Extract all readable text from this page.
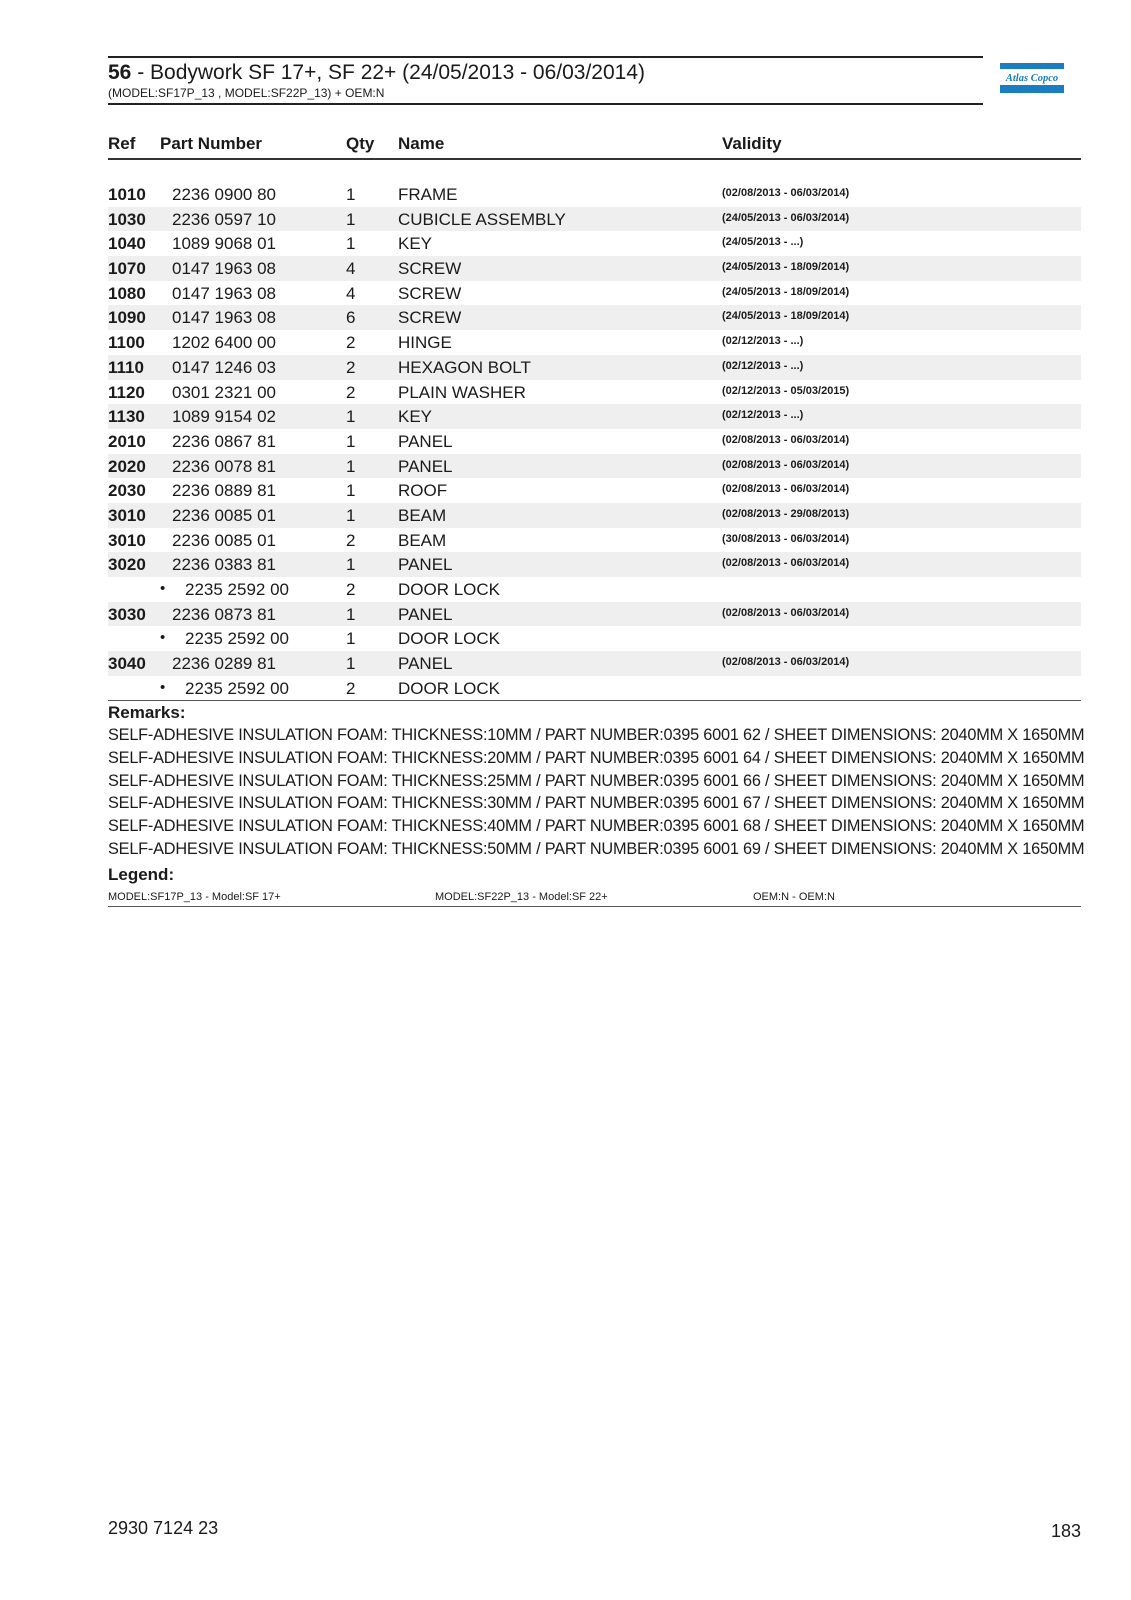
56 - Bodywork SF 17+, SF 22+ (24/05/2013 - 06/03/2014)
(MODEL:SF17P_13 , MODEL:SF22P_13) + OEM:N
Atlas Copco
Ref Part Number	Qty Name	Validity
1010 2236 0900 80	1	FRAME	(02/08/2013 - 06/03/2014)
1030 2236 0597 10	1	CUBICLE ASSEMBLY	(24/05/2013 - 06/03/2014)
1040 1089 9068 01	1	KEY	(24/05/2013 - ...)
1070 0147 1963 08	4	SCREW	(24/05/2013 - 18/09/2014)
1080 0147 1963 08	4	SCREW	(24/05/2013 - 18/09/2014)
1090 0147 1963 08	6	SCREW	(24/05/2013 - 18/09/2014)
1100 1202 6400 00	2	HINGE	(02/12/2013 - ...)
1110 0147 1246 03	2	HEXAGON BOLT	(02/12/2013 - ...)
1120 0301 2321 00	2	PLAIN WASHER	(02/12/2013 - 05/03/2015)
1130 1089 9154 02	1	KEY	(02/12/2013 - ...)
2010 2236 0867 81	1	PANEL	(02/08/2013 - 06/03/2014)
2020 2236 0078 81	1	PANEL	(02/08/2013 - 06/03/2014)
2030 2236 0889 81	1	ROOF	(02/08/2013 - 06/03/2014)
3010 2236 0085 01	1	BEAM	(02/08/2013 - 29/08/2013)
3010 2236 0085 01	2	BEAM	(30/08/2013 - 06/03/2014)
3020 2236 0383 81	1	PANEL	(02/08/2013 - 06/03/2014)
• 2235 2592 00	2	DOOR LOCK
3030 2236 0873 81	1	PANEL	(02/08/2013 - 06/03/2014)
• 2235 2592 00	1	DOOR LOCK
3040 2236 0289 81	1	PANEL	(02/08/2013 - 06/03/2014)
• 2235 2592 00	2	DOOR LOCK
Remarks:
SELF-ADHESIVE INSULATION FOAM: THICKNESS:10MM / PART NUMBER:0395 6001 62 / SHEET DIMENSIONS: 2040MM X 1650MM
SELF-ADHESIVE INSULATION FOAM: THICKNESS:20MM / PART NUMBER:0395 6001 64 / SHEET DIMENSIONS: 2040MM X 1650MM
SELF-ADHESIVE INSULATION FOAM: THICKNESS:25MM / PART NUMBER:0395 6001 66 / SHEET DIMENSIONS: 2040MM X 1650MM
SELF-ADHESIVE INSULATION FOAM: THICKNESS:30MM / PART NUMBER:0395 6001 67 / SHEET DIMENSIONS: 2040MM X 1650MM
SELF-ADHESIVE INSULATION FOAM: THICKNESS:40MM / PART NUMBER:0395 6001 68 / SHEET DIMENSIONS: 2040MM X 1650MM
SELF-ADHESIVE INSULATION FOAM: THICKNESS:50MM / PART NUMBER:0395 6001 69 / SHEET DIMENSIONS: 2040MM X 1650MM
Legend:
MODEL:SF17P_13 - Model:SF 17+	MODEL:SF22P_13 - Model:SF 22+	OEM:N - OEM:N
2930 7124 23	183
